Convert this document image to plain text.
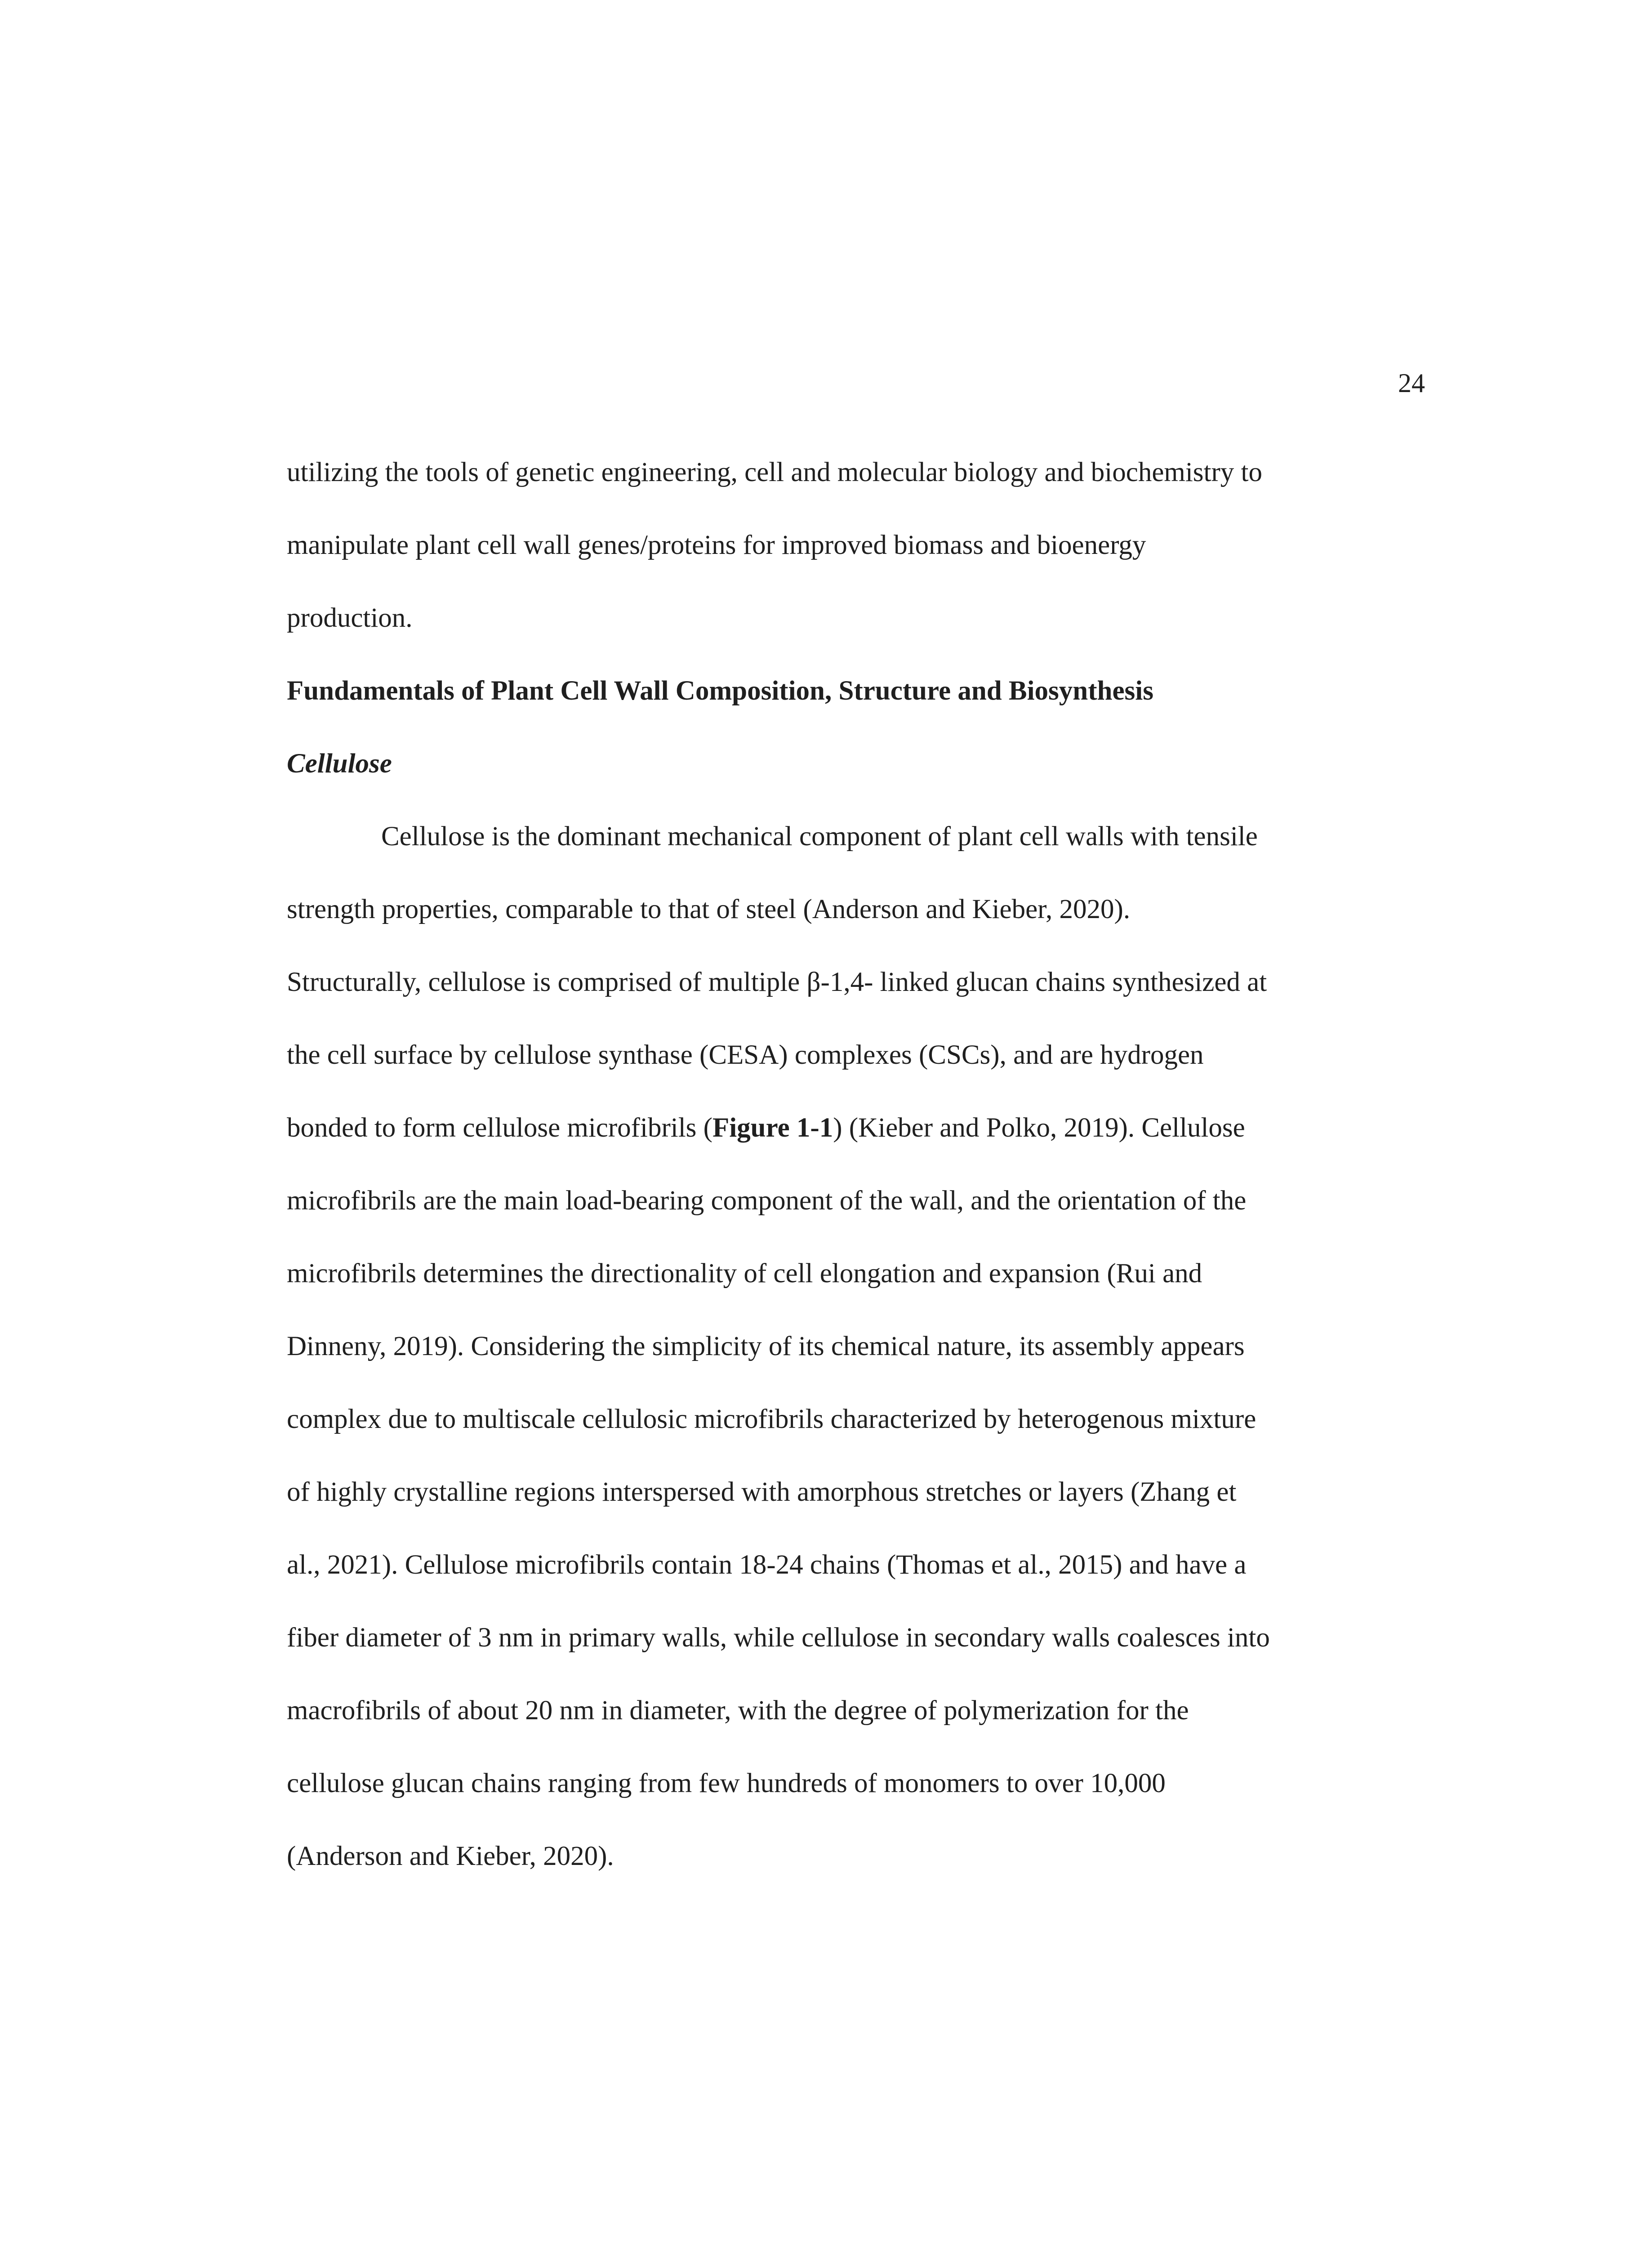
24
utilizing the tools of genetic engineering, cell and molecular biology and biochemistry to
manipulate plant cell wall genes/proteins for improved biomass and bioenergy
production.
Fundamentals of Plant Cell Wall Composition, Structure and Biosynthesis
Cellulose
Cellulose is the dominant mechanical component of plant cell walls with tensile
strength properties, comparable to that of steel (Anderson and Kieber, 2020).
Structurally, cellulose is comprised of multiple β-1,4- linked glucan chains synthesized at
the cell surface by cellulose synthase (CESA) complexes (CSCs), and are hydrogen
bonded to form cellulose microfibrils (Figure 1-1) (Kieber and Polko, 2019). Cellulose
microfibrils are the main load-bearing component of the wall, and the orientation of the
microfibrils determines the directionality of cell elongation and expansion (Rui and
Dinneny, 2019). Considering the simplicity of its chemical nature, its assembly appears
complex due to multiscale cellulosic microfibrils characterized by heterogenous mixture
of highly crystalline regions interspersed with amorphous stretches or layers (Zhang et
al., 2021). Cellulose microfibrils contain 18-24 chains (Thomas et al., 2015) and have a
fiber diameter of 3 nm in primary walls, while cellulose in secondary walls coalesces into
macrofibrils of about 20 nm in diameter, with the degree of polymerization for the
cellulose glucan chains ranging from few hundreds of monomers to over 10,000
(Anderson and Kieber, 2020).
